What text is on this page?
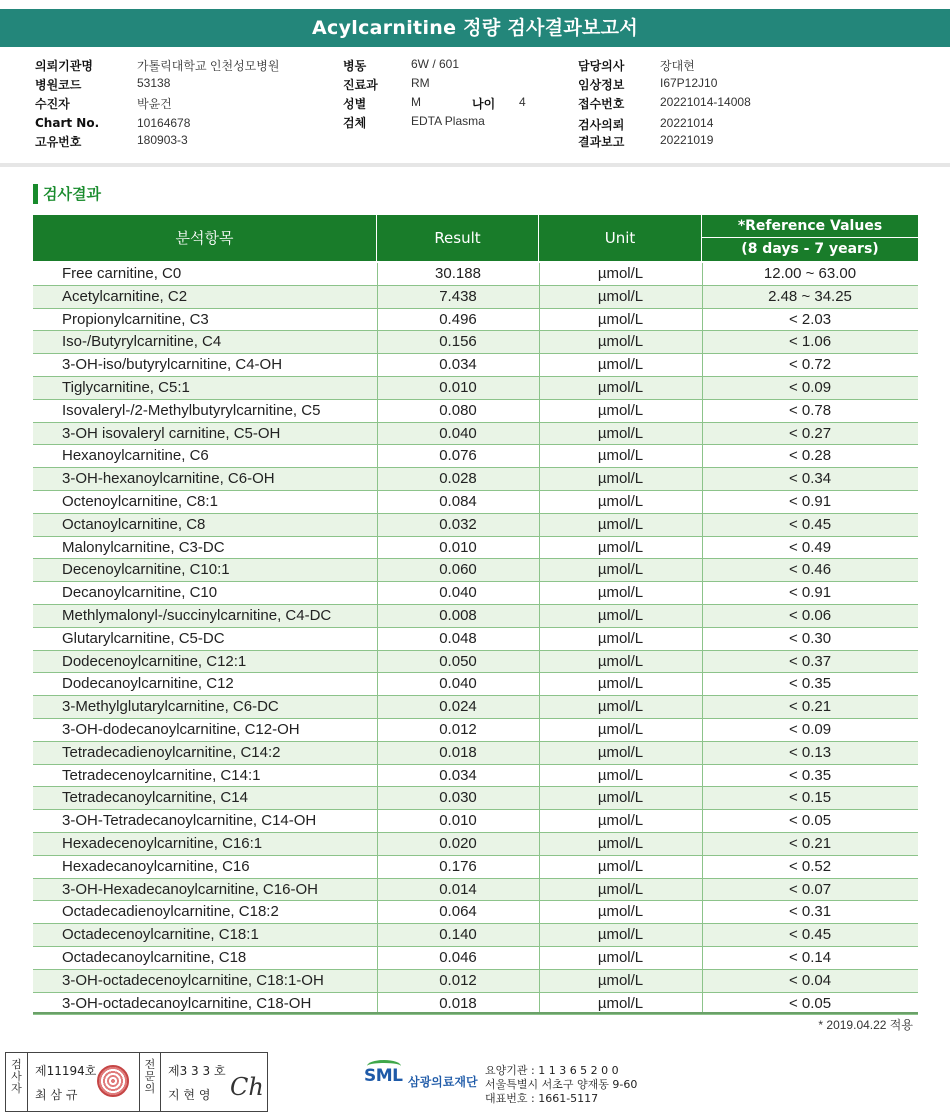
Acylcarnitine 정량 검사결과보고서
의뢰기관명	가톨릭대학교 인천성모병원
병원코드	53138
수진자	박윤건
Chart No.	10164678
고유번호	180903-3
병동	6W / 601
진료과	RM
성별	M	나이 4
검체	EDTA Plasma
담당의사	장대현
임상정보	I67P12J10
접수번호	20221014-14008
검사의뢰	20221014
결과보고	20221019
검사결과
분석항목	Result	Unit
*Reference Values
(8 days - 7 years)
Free carnitine, C0	30.188	µmol/L	12.00 ~ 63.00
Acetylcarnitine, C2	7.438	µmol/L	2.48 ~ 34.25
Propionylcarnitine, C3	0.496	µmol/L	< 2.03
Iso-/Butyrylcarnitine, C4	0.156	µmol/L	< 1.06
3-OH-iso/butyrylcarnitine, C4-OH	0.034	µmol/L	< 0.72
Tiglycarnitine, C5:1	0.010	µmol/L	< 0.09
Isovaleryl-/2-Methylbutyrylcarnitine, C5	0.080	µmol/L	< 0.78
3-OH isovaleryl carnitine, C5-OH	0.040	µmol/L	< 0.27
Hexanoylcarnitine, C6	0.076	µmol/L	< 0.28
3-OH-hexanoylcarnitine, C6-OH	0.028	µmol/L	< 0.34
Octenoylcarnitine, C8:1	0.084	µmol/L	< 0.91
Octanoylcarnitine, C8	0.032	µmol/L	< 0.45
Malonylcarnitine, C3-DC	0.010	µmol/L	< 0.49
Decenoylcarnitine, C10:1	0.060	µmol/L	< 0.46
Decanoylcarnitine, C10	0.040	µmol/L	< 0.91
Methlymalonyl-/succinylcarnitine, C4-DC	0.008	µmol/L	< 0.06
Glutarylcarnitine, C5-DC	0.048	µmol/L	< 0.30
Dodecenoylcarnitine, C12:1	0.050	µmol/L	< 0.37
Dodecanoylcarnitine, C12	0.040	µmol/L	< 0.35
3-Methylglutarylcarnitine, C6-DC	0.024	µmol/L	< 0.21
3-OH-dodecanoylcarnitine, C12-OH	0.012	µmol/L	< 0.09
Tetradecadienoylcarnitine, C14:2	0.018	µmol/L	< 0.13
Tetradecenoylcarnitine, C14:1	0.034	µmol/L	< 0.35
Tetradecanoylcarnitine, C14	0.030	µmol/L	< 0.15
3-OH-Tetradecanoylcarnitine, C14-OH	0.010	µmol/L	< 0.05
Hexadecenoylcarnitine, C16:1	0.020	µmol/L	< 0.21
Hexadecanoylcarnitine, C16	0.176	µmol/L	< 0.52
3-OH-Hexadecanoylcarnitine, C16-OH	0.014	µmol/L	< 0.07
Octadecadienoylcarnitine, C18:2	0.064	µmol/L	< 0.31
Octadecenoylcarnitine, C18:1	0.140	µmol/L	< 0.45
Octadecanoylcarnitine, C18	0.046	µmol/L	< 0.14
3-OH-octadecenoylcarnitine, C18:1-OH	0.012	µmol/L	< 0.04
3-OH-octadecanoylcarnitine, C18-OH	0.018	µmol/L	< 0.05
* 2019.04.22 적용
검사자
제11194호
최 삼 규
전문의
제3 3 3 호
지 현 영 Ch	SML 삼광의료재단
요양기관 : 1 1 3 6 5 2 0 0
서울특별시 서초구 양재동 9-60
대표번호 : 1661-5117
